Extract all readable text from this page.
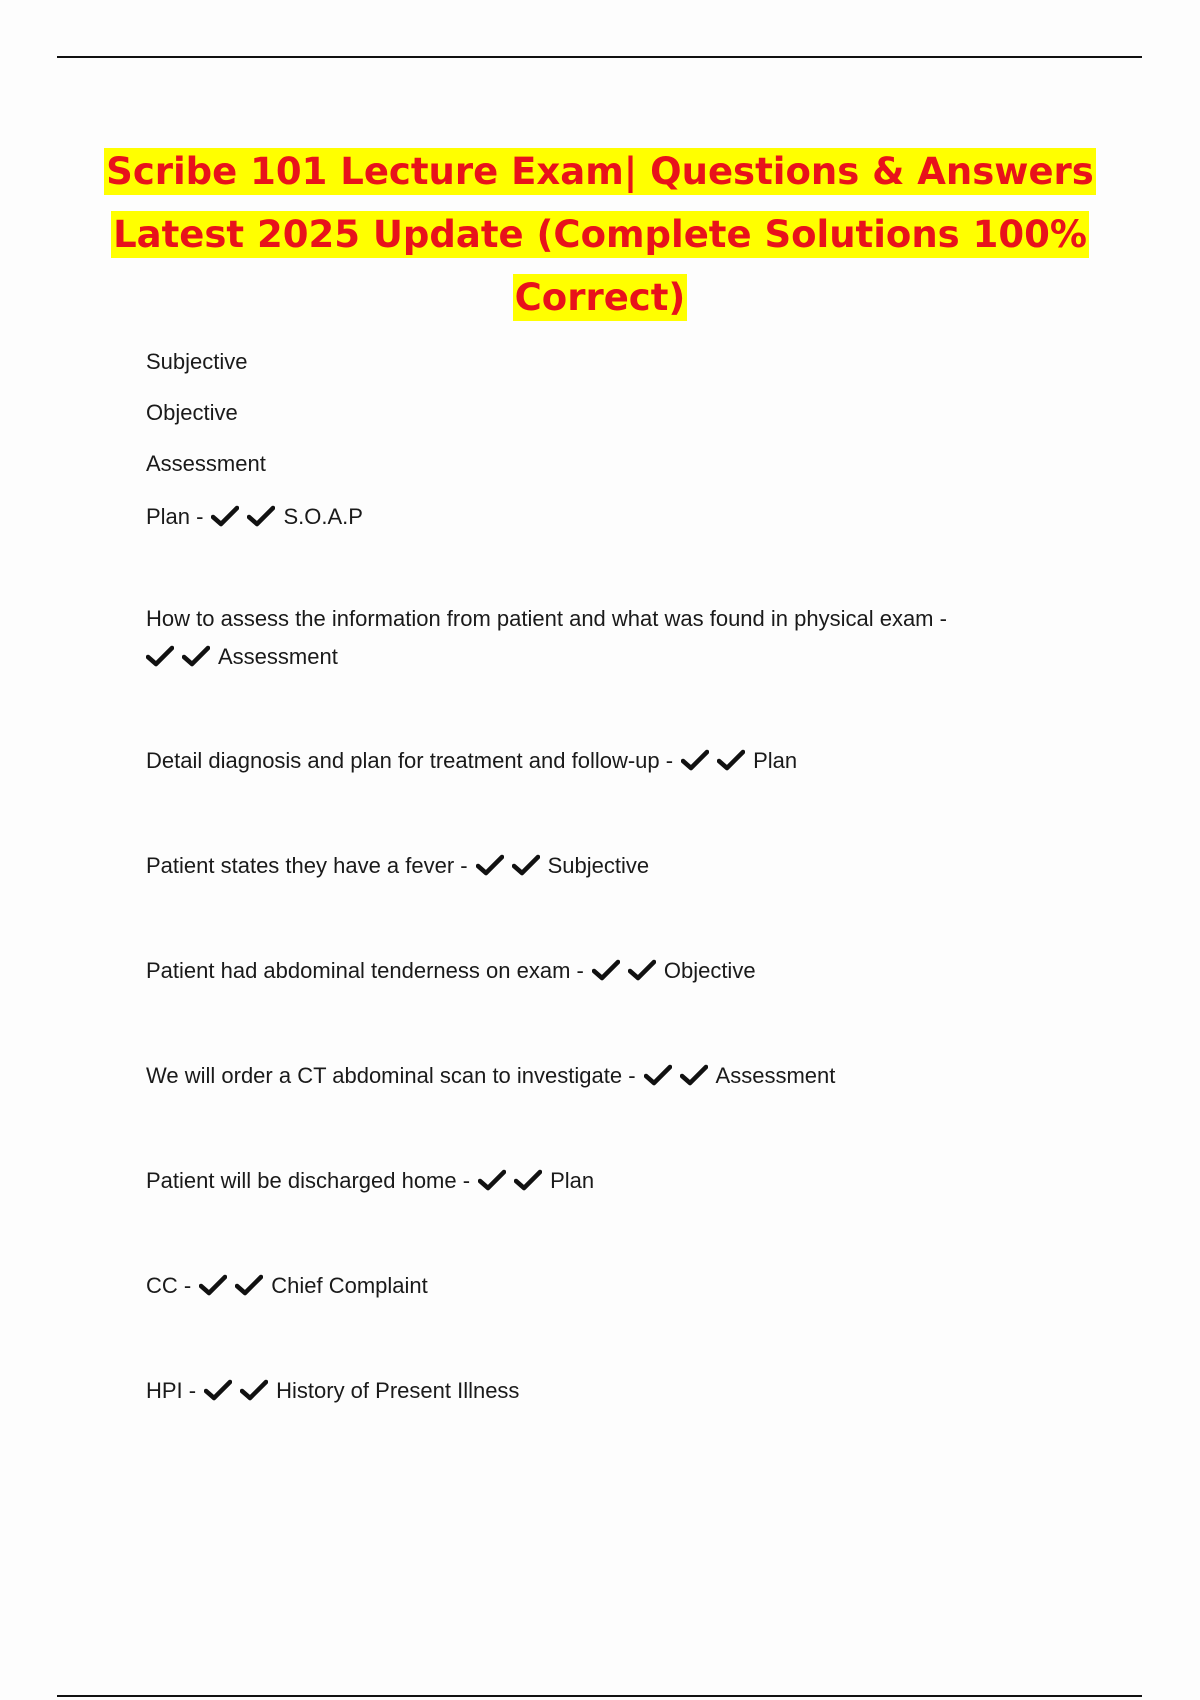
Scribe 101 Lecture Exam| Questions & Answers
Latest 2025 Update (Complete Solutions 100%
Correct)
Subjective
Objective
Assessment
Plan -	S.O.A.P
How to assess the information from patient and what was found in physical exam -
Assessment
Detail diagnosis and plan for treatment and follow-up -	Plan
Patient states they have a fever -	Subjective
Patient had abdominal tenderness on exam -	Objective
We will order a CT abdominal scan to investigate -	Assessment
Patient will be discharged home -	Plan
CC -	Chief Complaint
HPI -	History of Present Illness
